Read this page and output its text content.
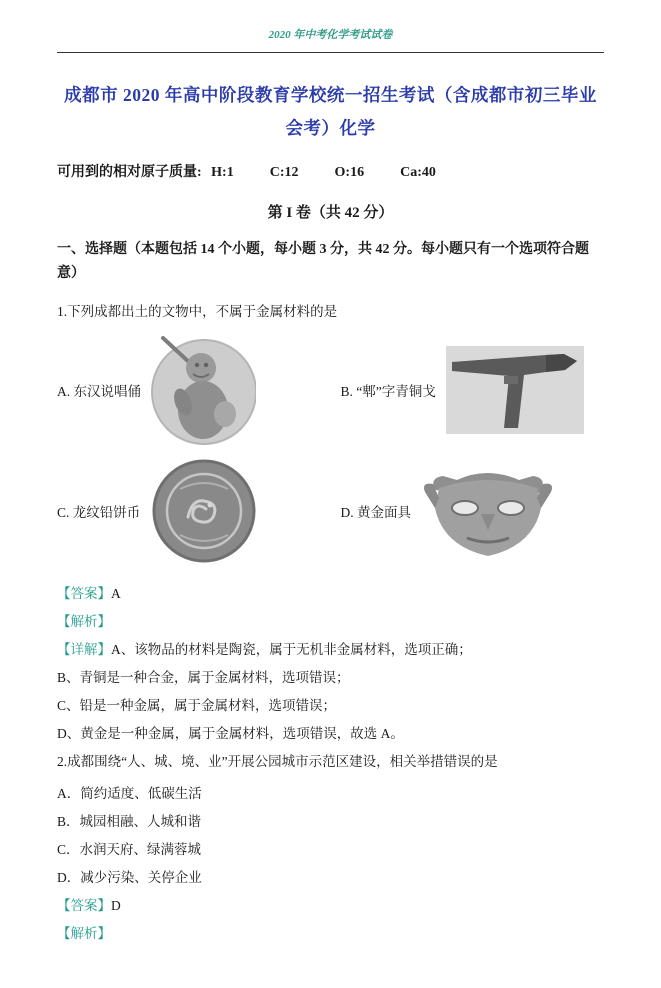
2020 年中考化学考试试卷
成都市 2020 年高中阶段教育学校统一招生考试（含成都市初三毕业会考）化学
可用到的相对原子质量: H:1	C:12	O:16	Ca:40
第 I 卷（共 42 分）
一、选择题（本题包括 14 个小题，每小题 3 分，共 42 分。每小题只有一个选项符合题意）
1.下列成都出土的文物中，不属于金属材料的是
A. 东汉说唱俑	B. “郫”字青铜戈
C. 龙纹铅饼币	D. 黄金面具

【答案】A

【解析】

【详解】A、该物品的材料是陶瓷，属于无机非金属材料，选项正确；

B、青铜是一种合金，属于金属材料，选项错误；

C、铅是一种金属，属于金属材料，选项错误；

D、黄金是一种金属，属于金属材料，选项错误，故选 A。

2.成都围绕“人、城、境、业”开展公园城市示范区建设，相关举措错误的是

A．简约适度、低碳生活

B．城园相融、人城和谐

C．水润天府、绿满蓉城

D．减少污染、关停企业

【答案】D

【解析】
